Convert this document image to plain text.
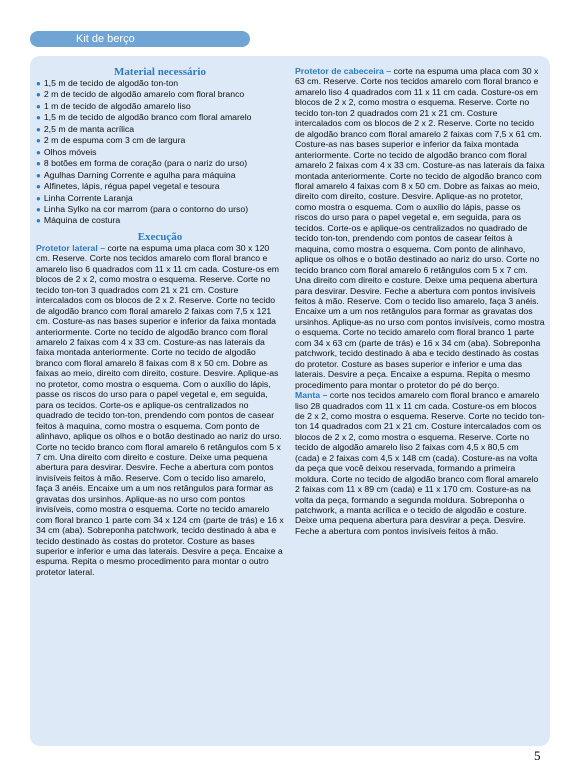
Kit de berço

Material necessário

● 1,5 m de tecido de algodão ton-ton
● 2 m de tecido de algodão amarelo com floral branco
● 1 m de tecido de algodão amarelo liso
● 1,5 m de tecido de algodão branco com floral amarelo
● 2,5 m de manta acrílica
● 2 m de espuma com 3 cm de largura
● Olhos móveis
● 8 botões em forma de coração (para o nariz do urso)
● Agulhas Darning Corrente e agulha para máquina
● Alfinetes, lápis, régua papel vegetal e tesoura
● Linha Corrente Laranja
● Linha Sylko na cor marrom (para o contorno do urso)
● Máquina de costura

Execução

Protetor lateral – corte na espuma uma placa com 30 x 120 cm. Reserve. Corte nos tecidos amarelo com floral branco e amarelo liso 6 quadrados com 11 x 11 cm cada. Costure-os em blocos de 2 x 2, como mostra o esquema. Reserve. Corte no tecido ton-ton 3 quadrados com 21 x 21 cm. Costure intercalados com os blocos de 2 x 2. Reserve. Corte no tecido de algodão branco com floral amarelo 2 faixas com 7,5 x 121 cm. Costure-as nas bases superior e inferior da faixa montada anteriormente. Corte no tecido de algodão branco com floral amarelo 2 faixas com 4 x 33 cm. Costure-as nas laterais da faixa montada anteriormente. Corte no tecido de algodão branco com floral amarelo 8 faixas com 8 x 50 cm. Dobre as faixas ao meio, direito com direito, costure. Desvire. Aplique-as no protetor, como mostra o esquema. Com o auxílio do lápis, passe os riscos do urso para o papel vegetal e, em seguida, para os tecidos. Corte-os e aplique-os centralizados no quadrado de tecido ton-ton, prendendo com pontos de casear feitos à maquina, como mostra o esquema. Com ponto de alinhavo, aplique os olhos e o botão destinado ao nariz do urso. Corte no tecido branco com floral amarelo 6 retângulos com 5 x 7 cm. Una direito com direito e costure. Deixe uma pequena abertura para desvirar. Desvire. Feche a abertura com pontos invisíveis feitos à mão. Reserve. Com o tecido liso amarelo, faça 3 anéis. Encaixe um a um nos retângulos para formar as gravatas dos ursinhos. Aplique-as no urso com pontos invisíveis, como mostra o esquema. Corte no tecido amarelo com floral branco 1 parte com 34 x 124 cm (parte de trás) e 16 x 34 cm (aba). Sobreponha patchwork, tecido destinado à aba e tecido destinado às costas do protetor. Costure as bases superior e inferior e uma das laterais. Desvire a peça. Encaixe a espuma. Repita o mesmo procedimento para montar o outro protetor lateral.

Protetor de cabeceira – corte na espuma uma placa com 30 x 63 cm. Reserve. Corte nos tecidos amarelo com floral branco e amarelo liso 4 quadrados com 11 x 11 cm cada. Costure-os em blocos de 2 x 2, como mostra o esquema. Reserve. Corte no tecido ton-ton 2 quadrados com 21 x 21 cm. Costure intercalados com os blocos de 2 x 2. Reserve. Corte no tecido de algodão branco com floral amarelo 2 faixas com 7,5 x 61 cm. Costure-as nas bases superior e inferior da faixa montada anteriormente. Corte no tecido de algodão branco com floral amarelo 2 faixas com 4 x 33 cm. Costure-as nas laterais da faixa montada anteriormente. Corte no tecido de algodão branco com floral amarelo 4 faixas com 8 x 50 cm. Dobre as faixas ao meio, direito com direito, costure. Desvire. Aplique-as no protetor, como mostra o esquema. Com o auxílio do lápis, passe os riscos do urso para o papel vegetal e, em seguida, para os tecidos. Corte-os e aplique-os centralizados no quadrado de tecido ton-ton, prendendo com pontos de casear feitos à maquina, como mostra o esquema. Com ponto de alinhavo, aplique os olhos e o botão destinado ao nariz do urso. Corte no tecido branco com floral amarelo 6 retângulos com 5 x 7 cm. Una direito com direito e costure. Deixe uma pequena abertura para desvirar. Desvire. Feche a abertura com pontos invisíveis feitos à mão. Reserve. Com o tecido liso amarelo, faça 3 anéis. Encaixe um a um nos retângulos para formar as gravatas dos ursinhos. Aplique-as no urso com pontos invisíveis, como mostra o esquema. Corte no tecido amarelo com floral branco 1 parte com 34 x 63 cm (parte de trás) e 16 x 34 cm (aba). Sobreponha patchwork, tecido destinado à aba e tecido destinado às costas do protetor. Costure as bases superior e inferior e uma das laterais. Desvire a peça. Encaixe a espuma. Repita o mesmo procedimento para montar o protetor do pé do berço.

Manta – corte nos tecidos amarelo com floral branco e amarelo liso 28 quadrados com 11 x 11 cm cada. Costure-os em blocos de 2 x 2, como mostra o esquema. Reserve. Corte no tecido ton-ton 14 quadrados com 21 x 21 cm. Costure intercalados com os blocos de 2 x 2, como mostra o esquema. Reserve. Corte no tecido de algodão amarelo liso 2 faixas com 4,5 x 80,5 cm (cada) e 2 faixas com 4,5 x 148 cm (cada). Costure-as na volta da peça que você deixou reservada, formando a primeira moldura. Corte no tecido de algodão branco com floral amarelo 2 faixas com 11 x 89 cm (cada) e 11 x 170 cm. Costure-as na volta da peça, formando a segunda moldura. Sobreponha o patchwork, a manta acrílica e o tecido de algodão e costure. Deixe uma pequena abertura para desvirar a peça. Desvire. Feche a abertura com pontos invisíveis feitos à mão.

5
